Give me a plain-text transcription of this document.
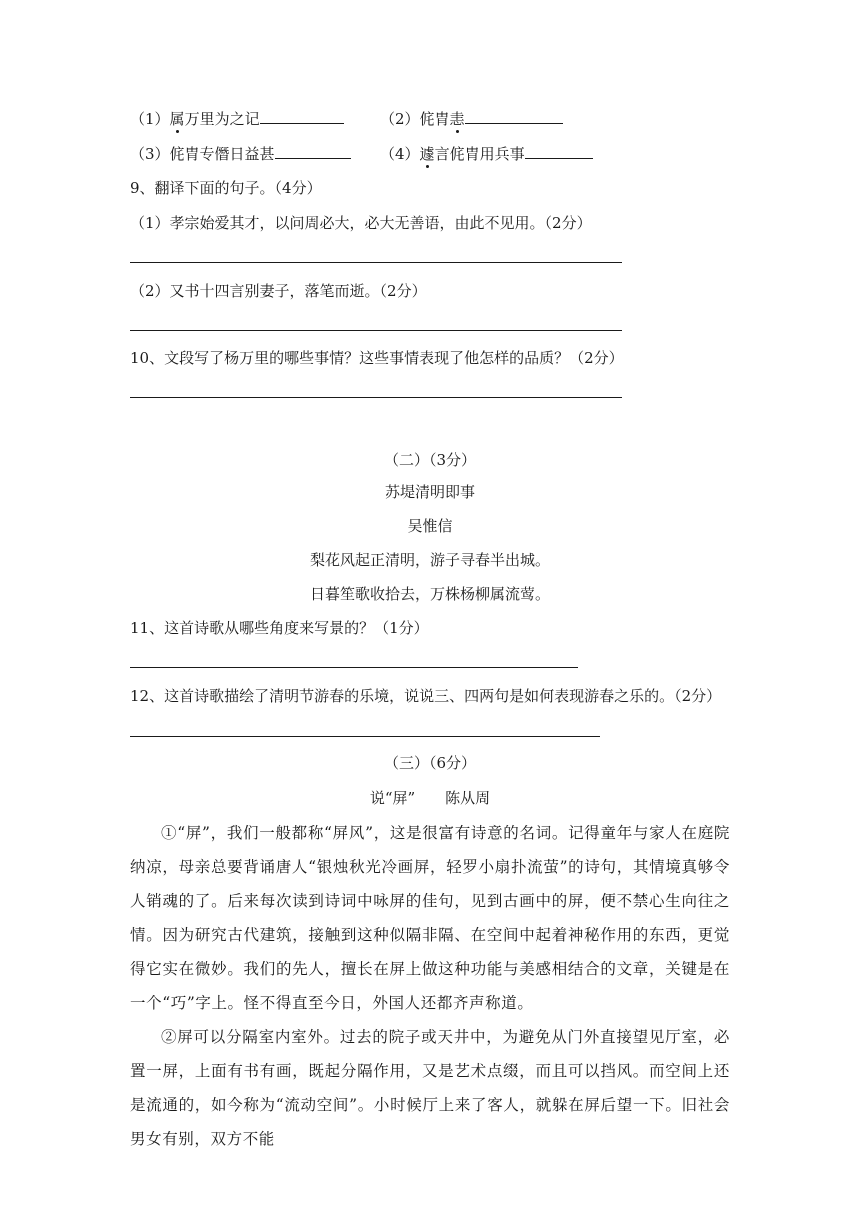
（1）属万里为之记	（2）侂胄恚
（3）侂胄专僭日益甚	（4）遽言侂胄用兵事
9、翻译下面的句子。（4分）
（1）孝宗始爱其才，以问周必大，必大无善语，由此不见用。（2分）
（2）又书十四言别妻子，落笔而逝。（2分）
10、文段写了杨万里的哪些事情？这些事情表现了他怎样的品质？（2分）
（二）（3分）
苏堤清明即事
吴惟信
梨花风起正清明，游子寻春半出城。
日暮笙歌收拾去，万株杨柳属流莺。
11、这首诗歌从哪些角度来写景的？（1分）
12、这首诗歌描绘了清明节游春的乐境，说说三、四两句是如何表现游春之乐的。（2分）
（三）（6分）
说“屏”　　陈从周

①“屏”，我们一般都称“屏风”，这是很富有诗意的名词。记得童年与家人在庭院纳凉，母亲总要背诵唐人“银烛秋光冷画屏，轻罗小扇扑流萤”的诗句，其情境真够令人销魂的了。后来每次读到诗词中咏屏的佳句，见到古画中的屏，便不禁心生向往之情。因为研究古代建筑，接触到这种似隔非隔、在空间中起着神秘作用的东西，更觉得它实在微妙。我们的先人，擅长在屏上做这种功能与美感相结合的文章，关键是在一个“巧”字上。怪不得直至今日，外国人还都齐声称道。

②屏可以分隔室内室外。过去的院子或天井中，为避免从门外直接望见厅室，必置一屏，上面有书有画，既起分隔作用，又是艺术点缀，而且可以挡风。而空间上还是流通的，如今称为“流动空间”。小时候厅上来了客人，就躲在屏后望一下。旧社会男女有别，双方不能
